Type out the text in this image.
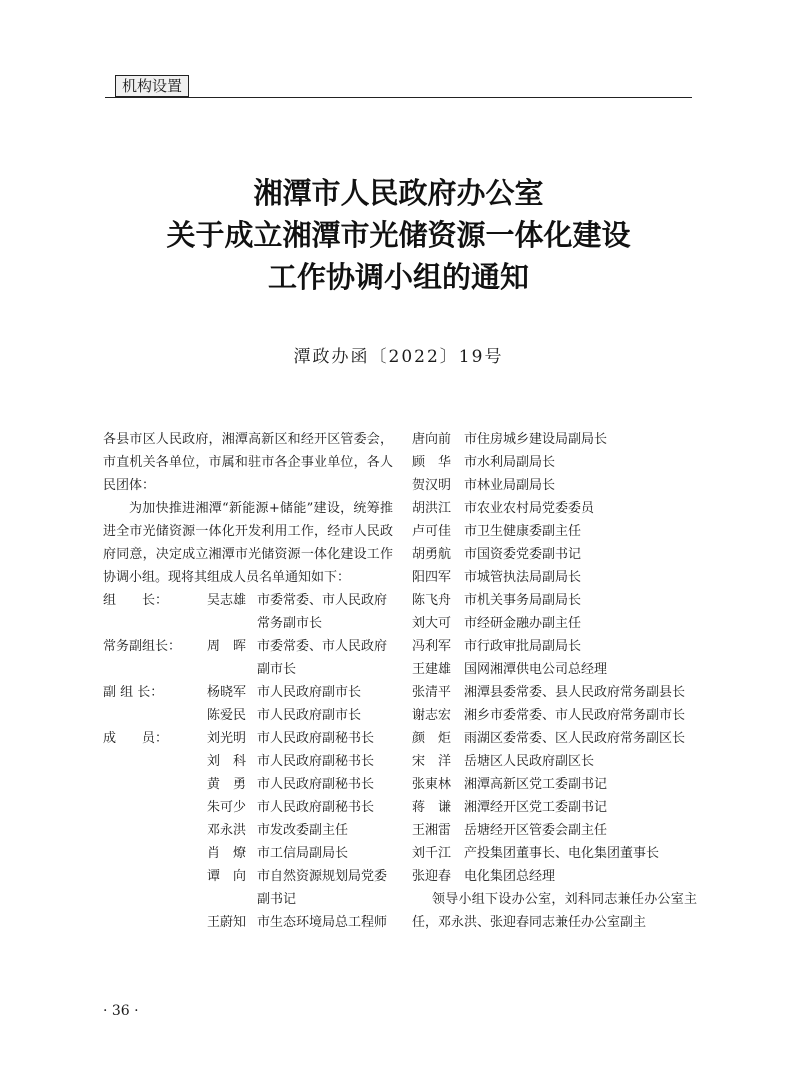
机构设置
湘潭市人民政府办公室
关于成立湘潭市光储资源一体化建设
工作协调小组的通知
潭政办函〔2022〕19号

各县市区人民政府，湘潭高新区和经开区管委会，市直机关各单位，市属和驻市各企事业单位，各人民团体：

为加快推进湘潭“新能源+储能”建设，统筹推进全市光储资源一体化开发利用工作，经市人民政府同意，决定成立湘潭市光储资源一体化建设工作协调小组。现将其组成人员名单通知如下：

组　　长：	吴志雄 市委常委、市人民政府常务副市长
常务副组长：	周　晖 市委常委、市人民政府副市长
副 组 长：	杨晓军 市人民政府副市长
陈爱民 市人民政府副市长
成　　员：	刘光明 市人民政府副秘书长
刘　科 市人民政府副秘书长
黄　勇 市人民政府副秘书长
朱可少 市人民政府副秘书长
邓永洪 市发改委副主任
肖　燎 市工信局副局长
谭　向 市自然资源规划局党委副书记
王蔚知 市生态环境局总工程师
唐向前 市住房城乡建设局副局长
顾　华 市水利局副局长
贺汉明 市林业局副局长
胡洪江 市农业农村局党委委员
卢可佳 市卫生健康委副主任
胡勇航 市国资委党委副书记
阳四军 市城管执法局副局长
陈飞舟 市机关事务局副局长
刘大可 市经研金融办副主任
冯利军 市行政审批局副局长
王建雄 国网湘潭供电公司总经理
张清平 湘潭县委常委、县人民政府常务副县长
谢志宏 湘乡市委常委、市人民政府常务副市长
颜　炬 雨湖区委常委、区人民政府常务副区长
宋　洋 岳塘区人民政府副区长
张東林 湘潭高新区党工委副书记
蒋　谦 湘潭经开区党工委副书记
王湘雷 岳塘经开区管委会副主任
刘千江 产投集团董事长、电化集团董事长
张迎春 电化集团总经理

领导小组下设办公室，刘科同志兼任办公室主任，邓永洪、张迎春同志兼任办公室副主

· 36 ·
